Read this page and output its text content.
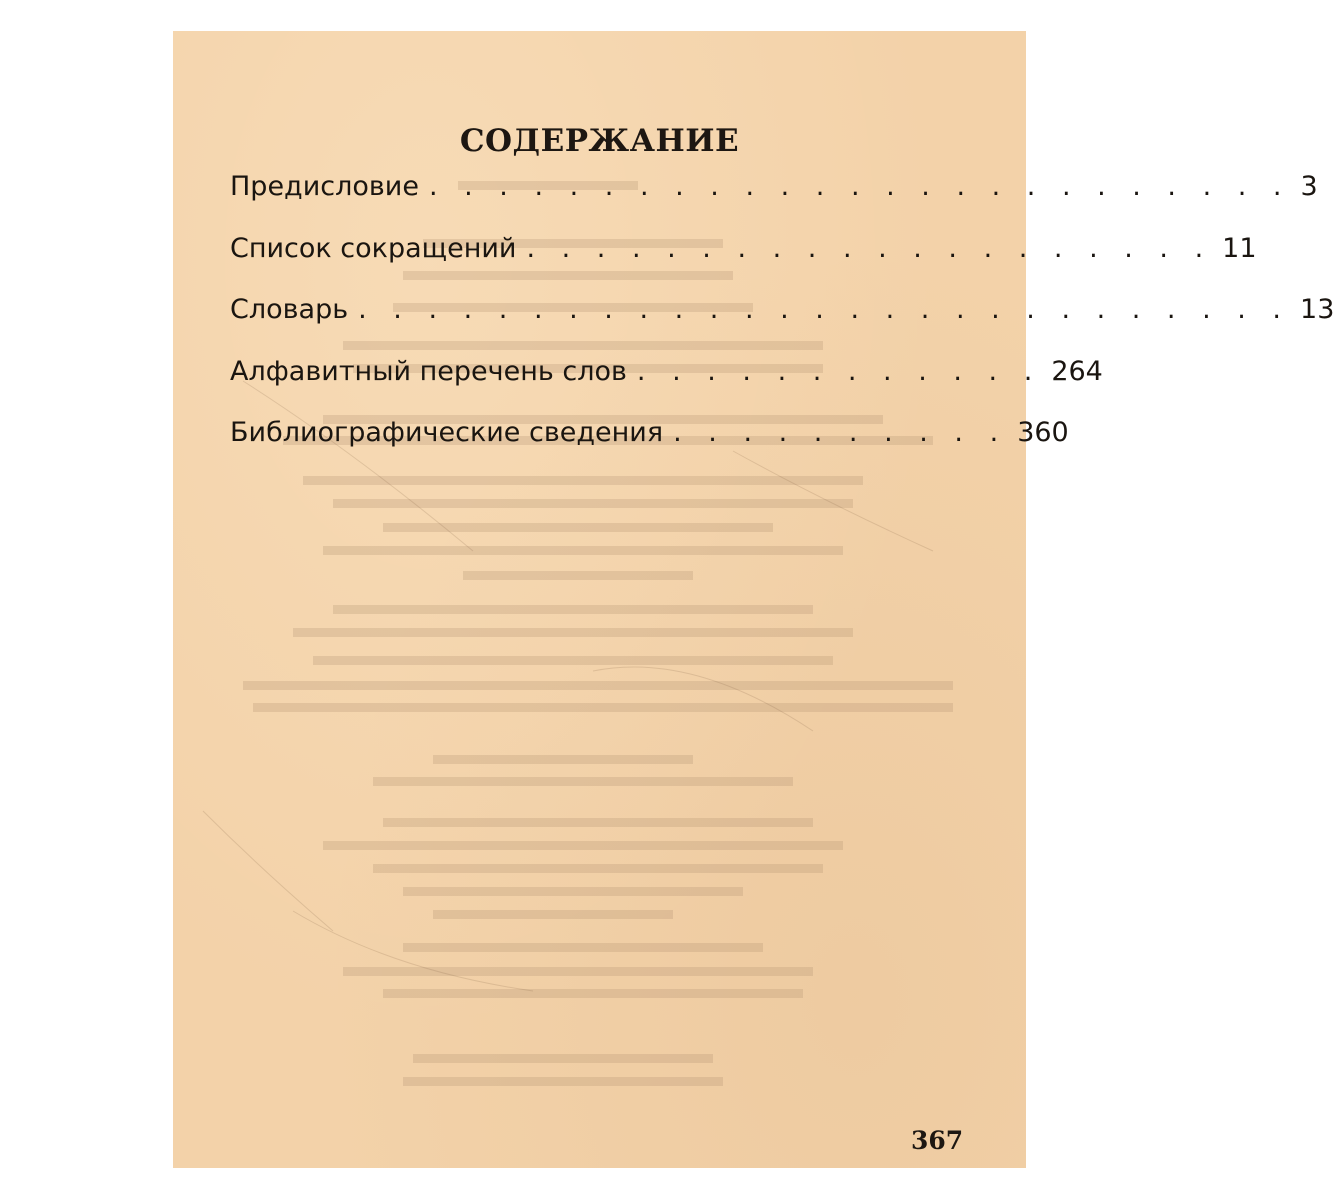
СОДЕРЖАНИЕ
Предисловие . . . . . . . . . . . . . . . . . . . . . . . . . 3
Список сокращений . . . . . . . . . . . . . . . . . . . . 11
Словарь . . . . . . . . . . . . . . . . . . . . . . . . . . . 13
Алфавитный перечень слов . . . . . . . . . . . . 264
Библиографические сведения . . . . . . . . . . 360
367
